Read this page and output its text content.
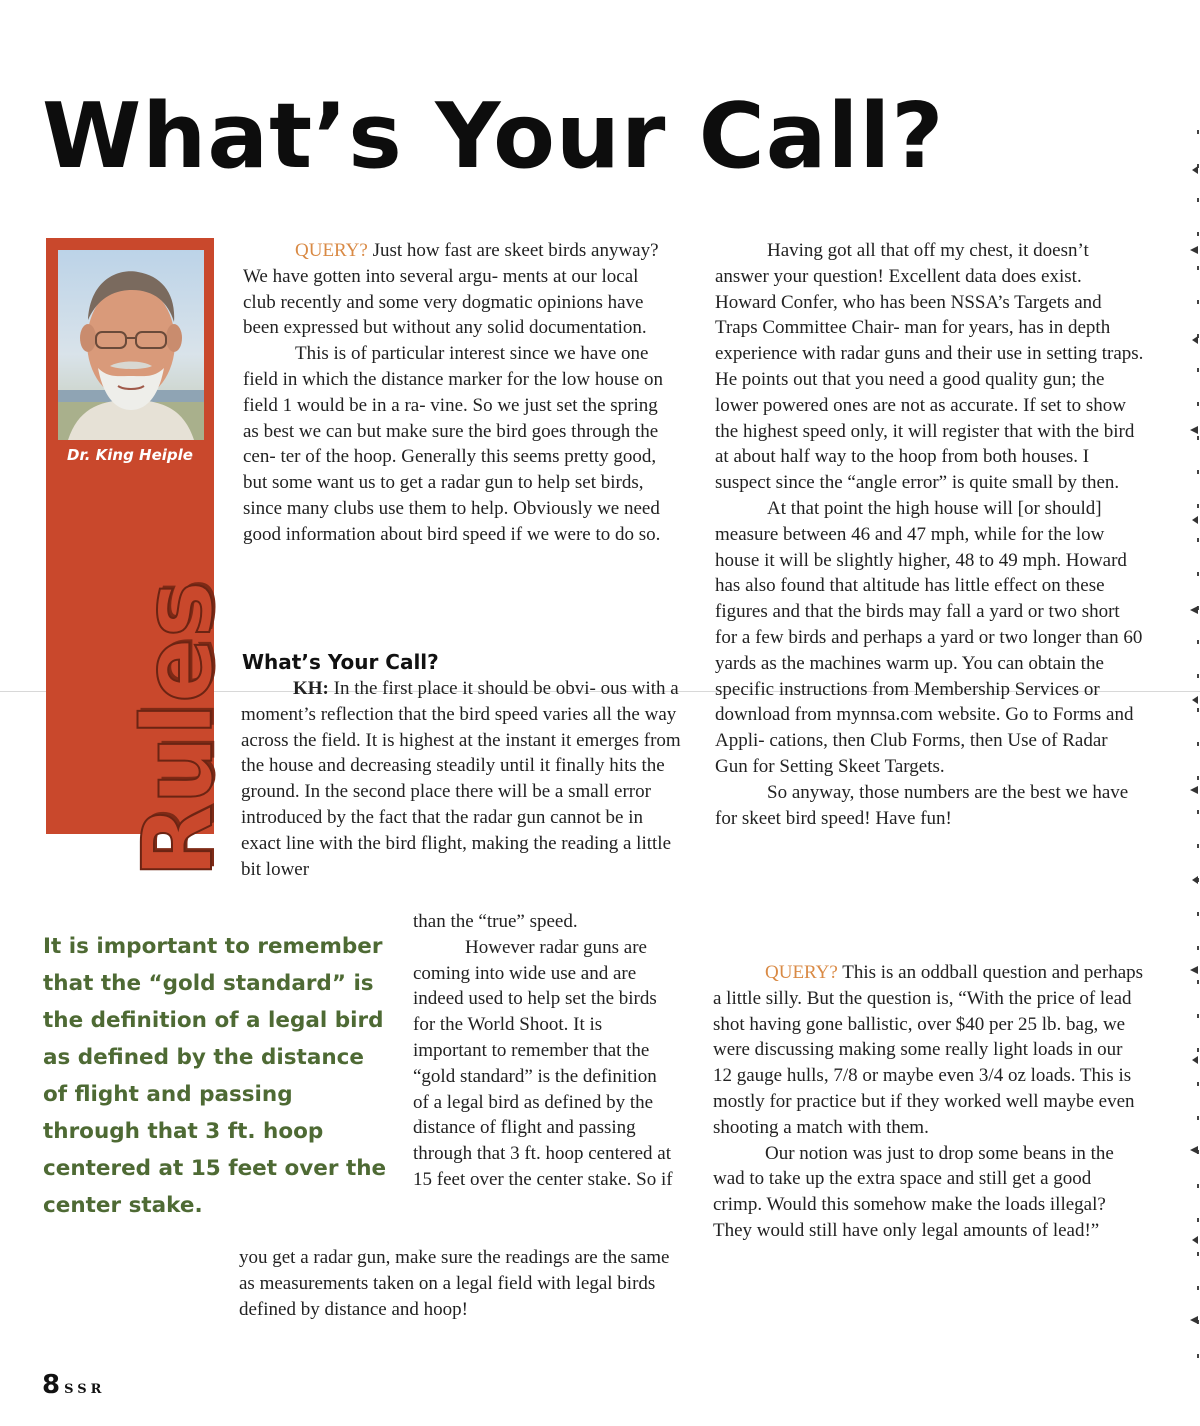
What’s Your Call?
Dr. King Heiple
Rules

QUERY? Just how fast are skeet birds anyway? We have gotten into several argu- ments at our local club recently and some very dogmatic opinions have been expressed but without any solid documentation.

This is of particular interest since we have one field in which the distance marker for the low house on field 1 would be in a ra- vine. So we just set the spring as best we can but make sure the bird goes through the cen- ter of the hoop. Generally this seems pretty good, but some want us to get a radar gun to help set birds, since many clubs use them to help. Obviously we need good information about bird speed if we were to do so.

What’s Your Call?

KH: In the first place it should be obvi- ous with a moment’s reflection that the bird speed varies all the way across the field. It is highest at the instant it emerges from the house and decreasing steadily until it finally hits the ground. In the second place there will be a small error introduced by the fact that the radar gun cannot be in exact line with the bird flight, making the reading a little bit lower

than the “true” speed.

However radar guns are coming into wide use and are indeed used to help set the birds for the World Shoot. It is important to remember that the “gold standard” is the definition of a legal bird as defined by the distance of flight and passing through that 3 ft. hoop centered at 15 feet over the center stake. So if

you get a radar gun, make sure the readings are the same as measurements taken on a legal field with legal birds defined by distance and hoop!

It is important to remember that the “gold standard” is the definition of a legal bird as defined by the distance of flight and passing through that 3 ft. hoop centered at 15 feet over the center stake.

Having got all that off my chest, it doesn’t answer your question! Excellent data does exist. Howard Confer, who has been NSSA’s Targets and Traps Committee Chair- man for years, has in depth experience with radar guns and their use in setting traps. He points out that you need a good quality gun; the lower powered ones are not as accurate. If set to show the highest speed only, it will register that with the bird at about half way to the hoop from both houses. I suspect since the “angle error” is quite small by then.

At that point the high house will [or should] measure between 46 and 47 mph, while for the low house it will be slightly higher, 48 to 49 mph. Howard has also found that altitude has little effect on these figures and that the birds may fall a yard or two short for a few birds and perhaps a yard or two longer than 60 yards as the machines warm up. You can obtain the specific instructions from Membership Services or download from mynnsa.com website. Go to Forms and Appli- cations, then Club Forms, then Use of Radar Gun for Setting Skeet Targets.

So anyway, those numbers are the best we have for skeet bird speed! Have fun!

QUERY? This is an oddball question and perhaps a little silly. But the question is, “With the price of lead shot having gone ballistic, over $40 per 25 lb. bag, we were discussing making some really light loads in our 12 gauge hulls, 7/8 or maybe even 3/4 oz loads. This is mostly for practice but if they worked well maybe even shooting a match with them.

Our notion was just to drop some beans in the wad to take up the extra space and still get a good crimp. Would this somehow make the loads illegal? They would still have only legal amounts of lead!”

8 SSR
